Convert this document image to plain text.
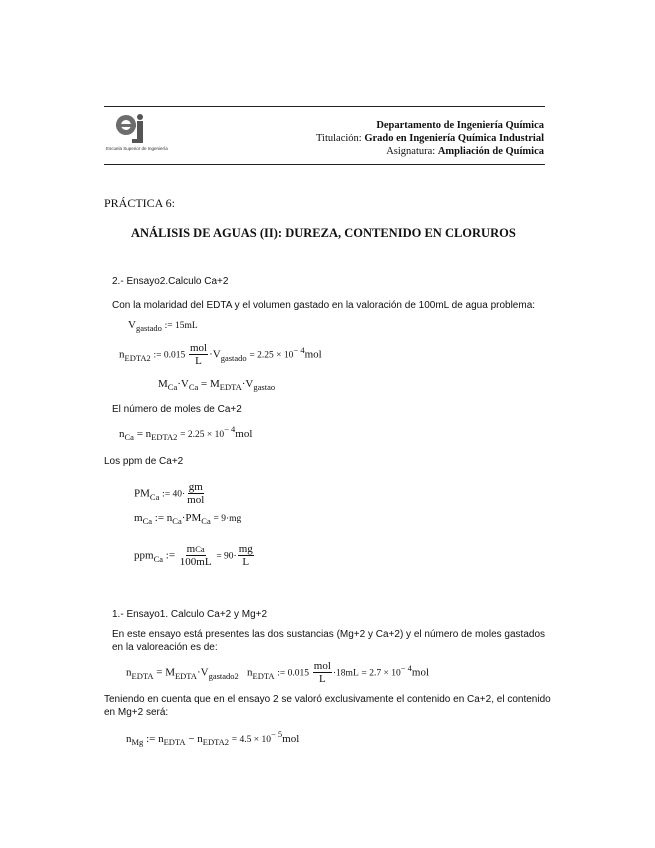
Escuela Superior de Ingeniería
Departamento de Ingeniería Química
Titulación: Grado en Ingeniería Química Industrial
Asignatura: Ampliación de Química
PRÁCTICA 6:
ANÁLISIS DE AGUAS (II): DUREZA, CONTENIDO EN CLORUROS
2.- Ensayo2.Calculo Ca+2
Con la molaridad del EDTA y el volumen gastado en la valoración de 100mL de agua problema:
$V_{gastado}$ := 15mL
$n_{EDTA2}$ := $0.015 \frac{\text{mol}}{L} \cdot V_{gastado} = 2.25 \times 10^{- 4}mol$
$M_{Ca}\cdot V_{Ca} = M_{EDTA}\cdot V_{gastao}$
El número de moles de Ca+2
$n_{Ca} = n_{EDTA2} = 2.25 \times 10^{- 4}mol$
Los ppm de Ca+2
$PM_{Ca}$ := $40\cdot \frac{gm}{\text{mol}}$
$m_{Ca}$ := $n_{Ca}\cdot PM_{Ca} = 9\cdot mg$
ppm$_{Ca}$ := $\frac{\text{mCa}}{100mL} = 90\cdot \frac{mg}{L}$
1.- Ensayo1. Calculo Ca+2 y Mg+2
En este ensayo está presentes las dos sustancias (Mg+2 y Ca+2) y el número de moles gastados
en la valoreación es de:
$n_{EDTA} = M_{EDTA}\cdot V_{gastado2}$ $n_{EDTA}$ := $0.015 \frac{\text{mol}}{L} \cdot 18mL = 2.7 \times 10^{- 4}mol$
Teniendo en cuenta que en el ensayo 2 se valoró exclusivamente el contenido en Ca+2, el contenido
en Mg+2 será:
$n_{Mg}$ := $n_{EDTA} - n_{EDTA2} = 4.5 \times 10^{- 5}mol$
